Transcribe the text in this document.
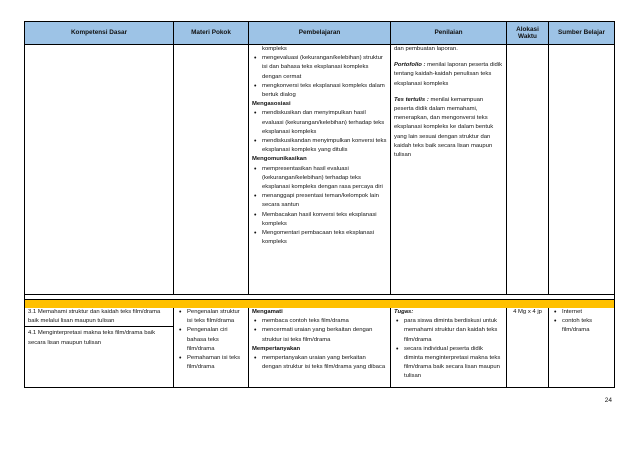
Kompetensi Dasar	Materi Pokok	Pembelajaran	Penilaian
Alokasi Waktu
Sumber Belajar

kompleks

• mengevaluasi (kekurangan/kelebihan) struktur isi dan bahasa teks eksplanasi kompleks dengan cermat

• mengkonversi teks eksplanasi kompleks dalam bertuk dialog

Mengasosiasi

• mendiskusikan dan menyimpulkan hasil evaluasi (kekurangan/kelebihan) terhadap teks eksplanasi kompleks

• mendiskusikandan menyimpulkan konversi teks eksplanasi kompleks yang ditulis

Mengomunikasikan

• mempresentasikan hasil evaluasi (kekurangan/kelebihan) terhadap teks eksplanasi kompleks dengan rasa percaya diri

• menanggapi presentasi teman/kelompok lain secara santun

• Membacakan hasil konversi teks eksplanasi kompleks

• Mengomentari pembacaan teks eksplanasi kompleks

dan pembuatan laporan.

Portofolio : menilai laporan peserta didik tentang kaidah-kaidah penulisan teks eksplanasi kompleks

Tes tertulis : menilai kemampuan peserta didik dalam memahami, menerapkan, dan mengonversi teks eksplanasi kompleks ke dalam bentuk yang lain sesuai dengan struktur dan kaidah teks baik secara lisan maupun tulisan

3.1 Memahami struktur dan kaidah teks film/drama baik melalui lisan maupun tulisan

4.1 Menginterpretasi makna teks film/drama baik secara lisan maupun tulisan

• Pengenalan struktur isi teks film/drama

• Pengenalan ciri bahasa teks film/drama

• Pemahaman isi teks film/drama

Mengamati

• membaca contoh teks film/drama

• mencermati uraian yang berkaitan dengan struktur isi teks film/drama

Mempertanyakan

• mempertanyakan uraian yang berkaitan dengan struktur isi teks film/drama yang dibaca

Tugas:

• para siswa diminta berdiskusi untuk memahami struktur dan kaidah teks film/drama

• secara individual peserta didik diminta menginterpretasi makna teks film/drama baik secara lisan maupun tulisan

4 Mg x 4 jp

•	Internet

• contoh teks film/drama

24
